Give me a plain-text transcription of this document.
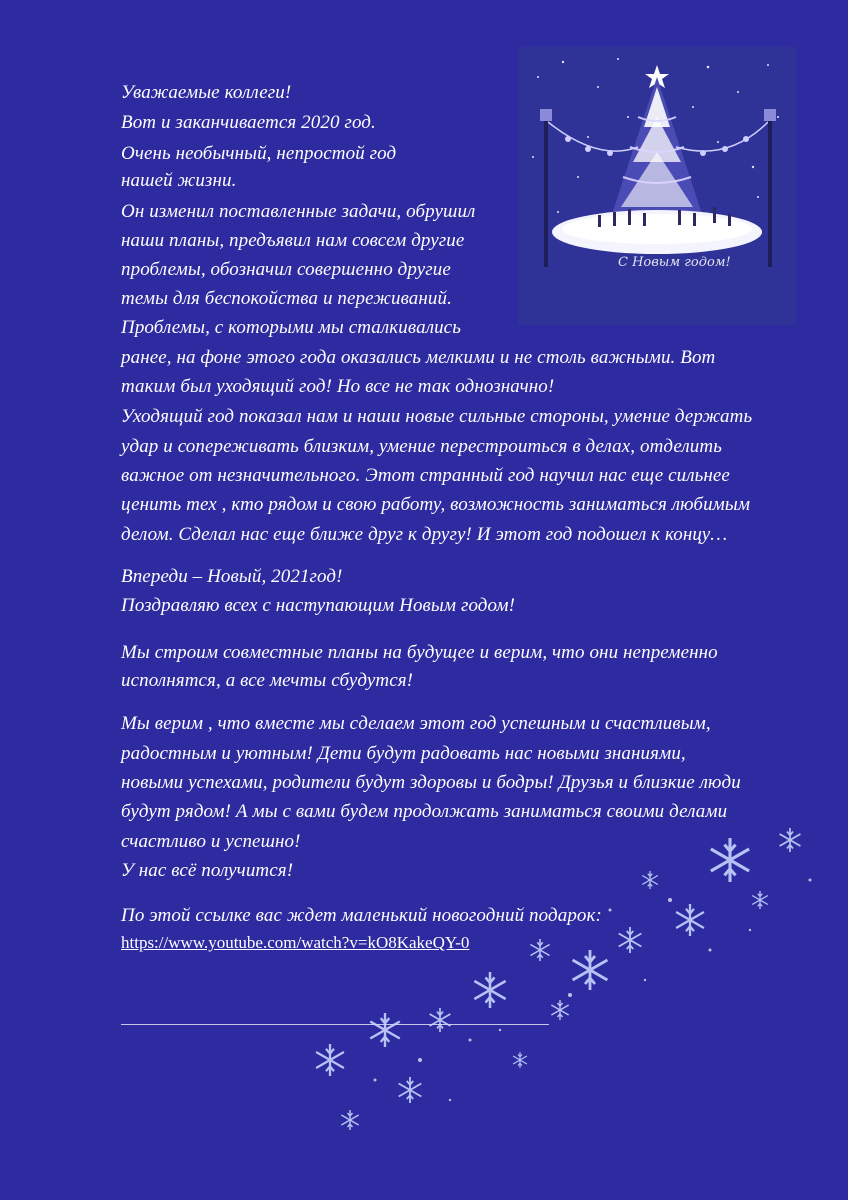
Уважаемые коллеги!
Вот и заканчивается 2020 год.
Очень необычный, непростой год
нашей жизни.
Он изменил поставленные задачи, обрушил
наши планы, предъявил нам совсем другие
проблемы, обозначил совершенно другие
темы для беспокойства и переживаний.
Проблемы, с которыми мы сталкивались
ранее, на фоне этого года оказались мелкими и не столь важными. Вот
таким был уходящий год! Но все не так однозначно!
Уходящий год показал нам и наши новые сильные стороны, умение держать
удар и сопереживать близким, умение перестроиться в делах, отделить
важное от незначительного. Этот странный год научил нас еще сильнее
ценить тех , кто рядом и свою работу, возможность заниматься любимым
делом. Сделал нас еще ближе друг к другу! И этот год подошел к концу…
Впереди – Новый, 2021год!
Поздравляю всех с наступающим Новым годом!
Мы строим совместные планы на будущее и верим, что они непременно
исполнятся, а все мечты сбудутся!
Мы верим , что вместе мы сделаем этот год успешным и счастливым,
радостным и уютным! Дети будут радовать нас новыми знаниями,
новыми успехами, родители будут здоровы и бодры! Друзья и близкие люди
будут рядом! А мы с вами будем продолжать заниматься своими делами
счастливо и успешно!
У нас всё получится!
По этой ссылке вас ждет маленький новогодний подарок:
https://www.youtube.com/watch?v=kO8KakeQY-0
С Новым годом!
